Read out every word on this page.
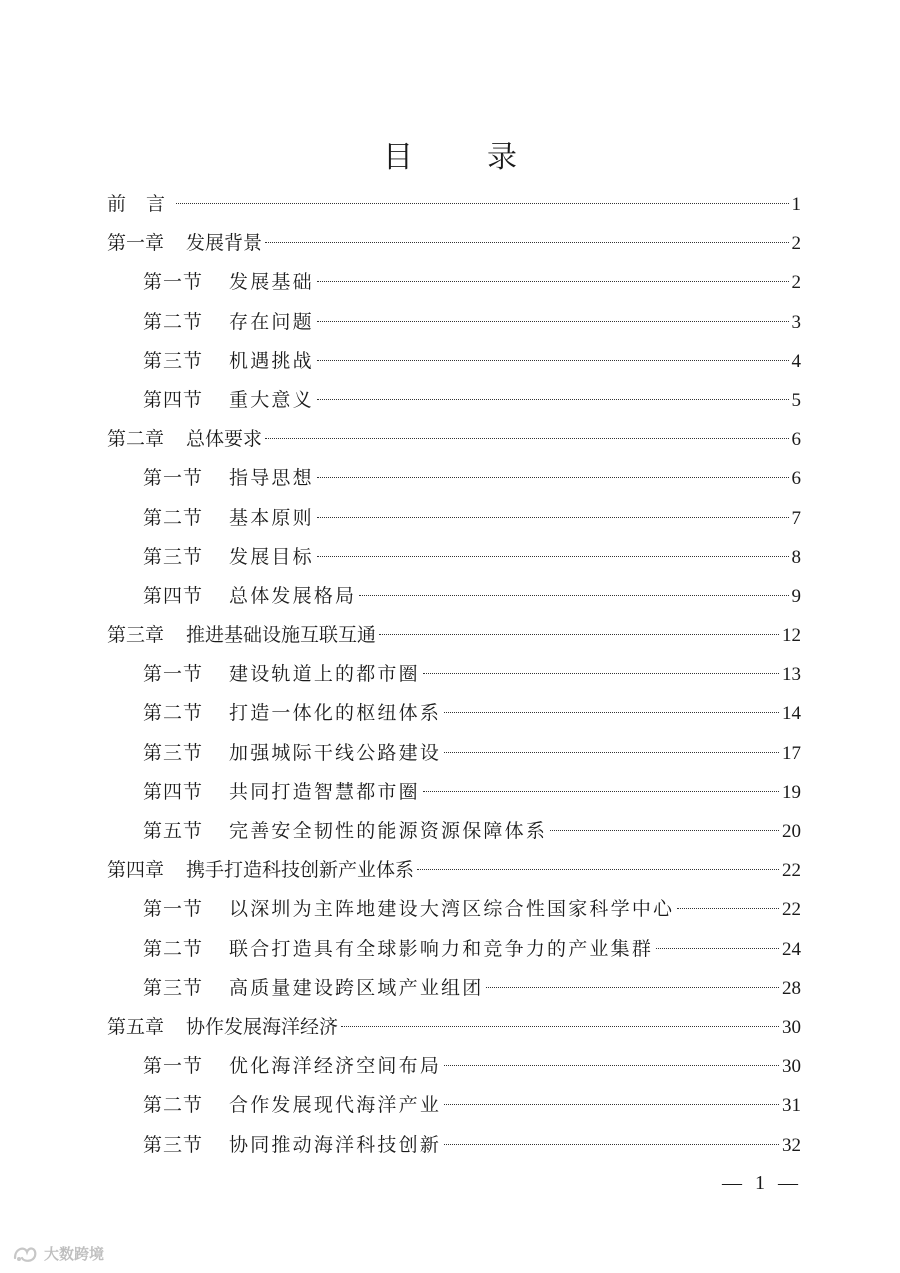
目　录
前言	1
第一章 发展背景	2
第一节 发展基础	2
第二节 存在问题	3
第三节 机遇挑战	4
第四节 重大意义	5
第二章 总体要求	6
第一节 指导思想	6
第二节 基本原则	7
第三节 发展目标	8
第四节 总体发展格局	9
第三章 推进基础设施互联互通	12
第一节 建设轨道上的都市圈	13
第二节 打造一体化的枢纽体系	14
第三节 加强城际干线公路建设	17
第四节 共同打造智慧都市圈	19
第五节 完善安全韧性的能源资源保障体系	20
第四章 携手打造科技创新产业体系	22
第一节 以深圳为主阵地建设大湾区综合性国家科学中心	22
第二节 联合打造具有全球影响力和竞争力的产业集群	24
第三节 高质量建设跨区域产业组团	28
第五章 协作发展海洋经济	30
第一节 优化海洋经济空间布局	30
第二节 合作发展现代海洋产业	31
第三节 协同推动海洋科技创新	32
— 1 —
大数跨境
